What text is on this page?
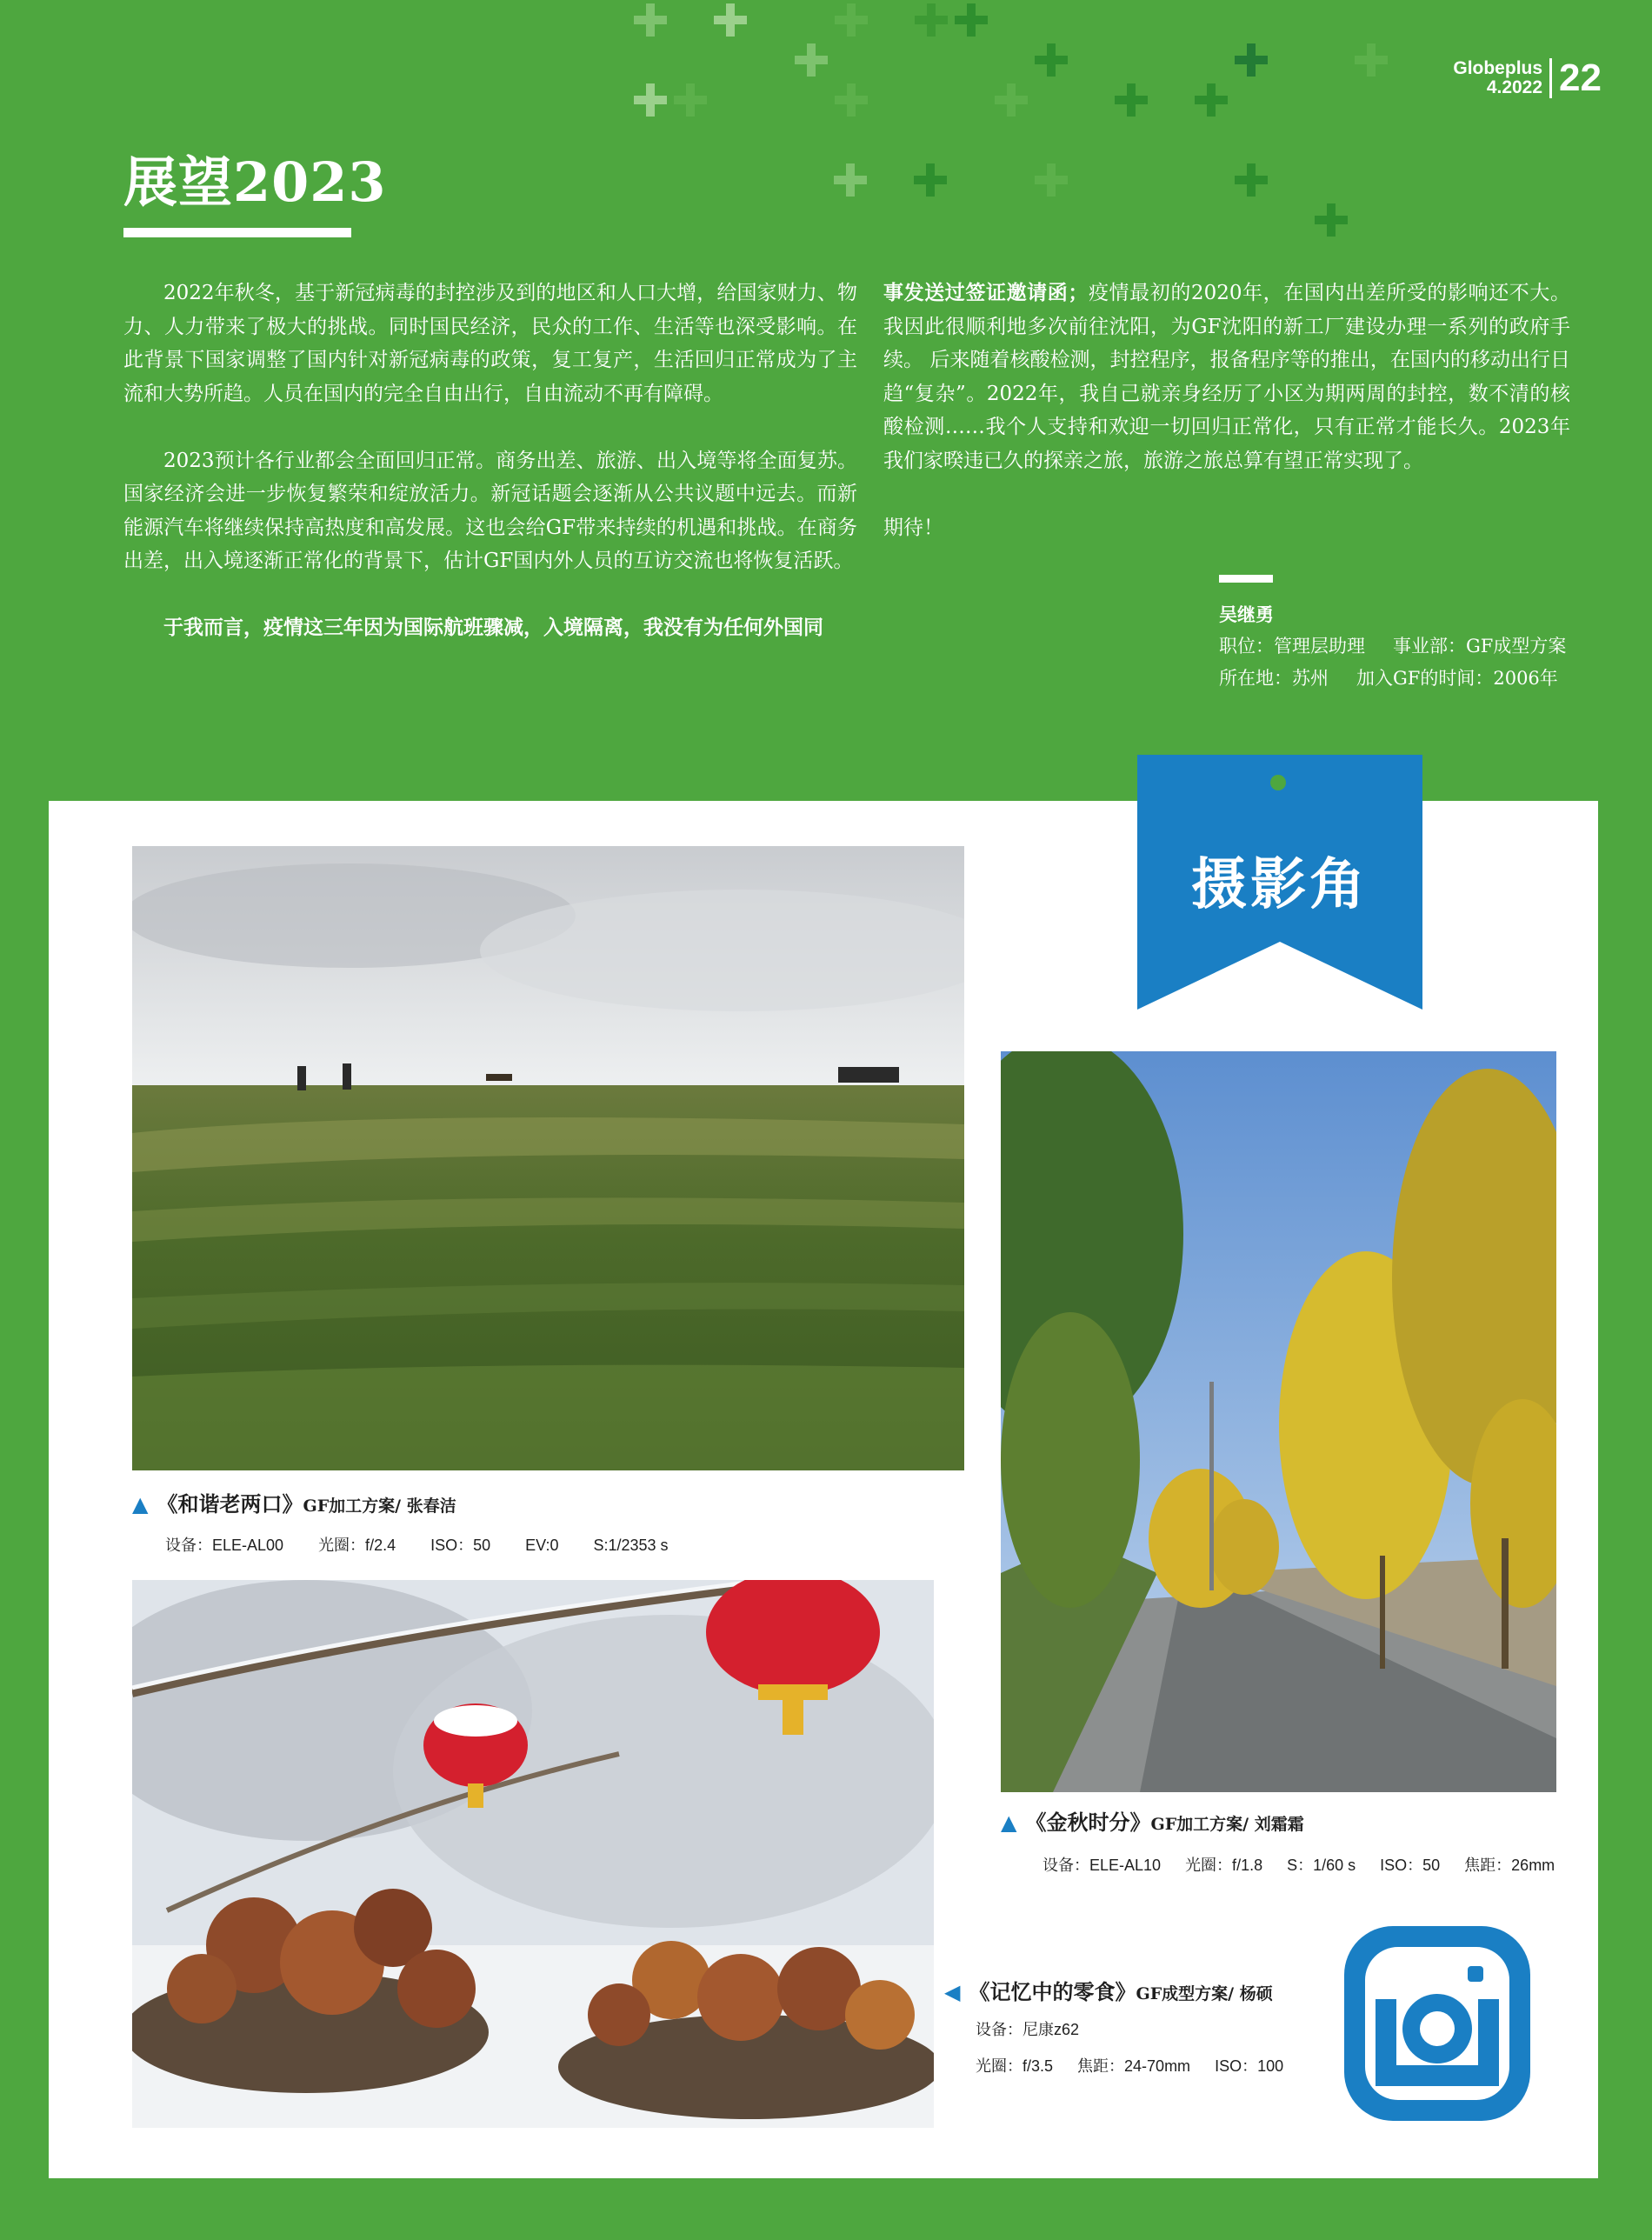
Globeplus
4.2022 22
展望2023

2022年秋冬，基于新冠病毒的封控涉及到的地区和人口大增，给国家财力、物力、人力带来了极大的挑战。同时国民经济，民众的工作、生活等也深受影响。在此背景下国家调整了国内针对新冠病毒的政策，复工复产，生活回归正常成为了主流和大势所趋。人员在国内的完全自由出行，自由流动不再有障碍。

2023预计各行业都会全面回归正常。商务出差、旅游、出入境等将全面复苏。国家经济会进一步恢复繁荣和绽放活力。新冠话题会逐渐从公共议题中远去。而新能源汽车将继续保持高热度和高发展。这也会给GF带来持续的机遇和挑战。在商务出差，出入境逐渐正常化的背景下，估计GF国内外人员的互访交流也将恢复活跃。

于我而言，疫情这三年因为国际航班骤减，入境隔离，我没有为任何外国同

事发送过签证邀请函；疫情最初的2020年，在国内出差所受的影响还不大。我因此很顺利地多次前往沈阳，为GF沈阳的新工厂建设办理一系列的政府手续。 后来随着核酸检测，封控程序，报备程序等的推出，在国内的移动出行日趋“复杂”。2022年，我自己就亲身经历了小区为期两周的封控，数不清的核酸检测……我个人支持和欢迎一切回归正常化，只有正常才能长久。2023年我们家暌违已久的探亲之旅，旅游之旅总算有望正常实现了。

期待！

吴继勇
职位：管理层助理 事业部：GF成型方案
所在地：苏州 加入GF的时间：2006年
摄影角
▲ 《和谐老两口》GF加工方案/ 张春洁
设备：ELE-AL00 光圈：f/2.4 ISO：50 EV:0 S:1/2353 s
▲ 《金秋时分》GF加工方案/ 刘霜霜
设备：ELE-AL10 光圈：f/1.8 S：1/60 s ISO：50 焦距：26mm
◀ 《记忆中的零食》GF成型方案/ 杨硕
设备：尼康z62
光圈：f/3.5 焦距：24-70mm ISO：100
